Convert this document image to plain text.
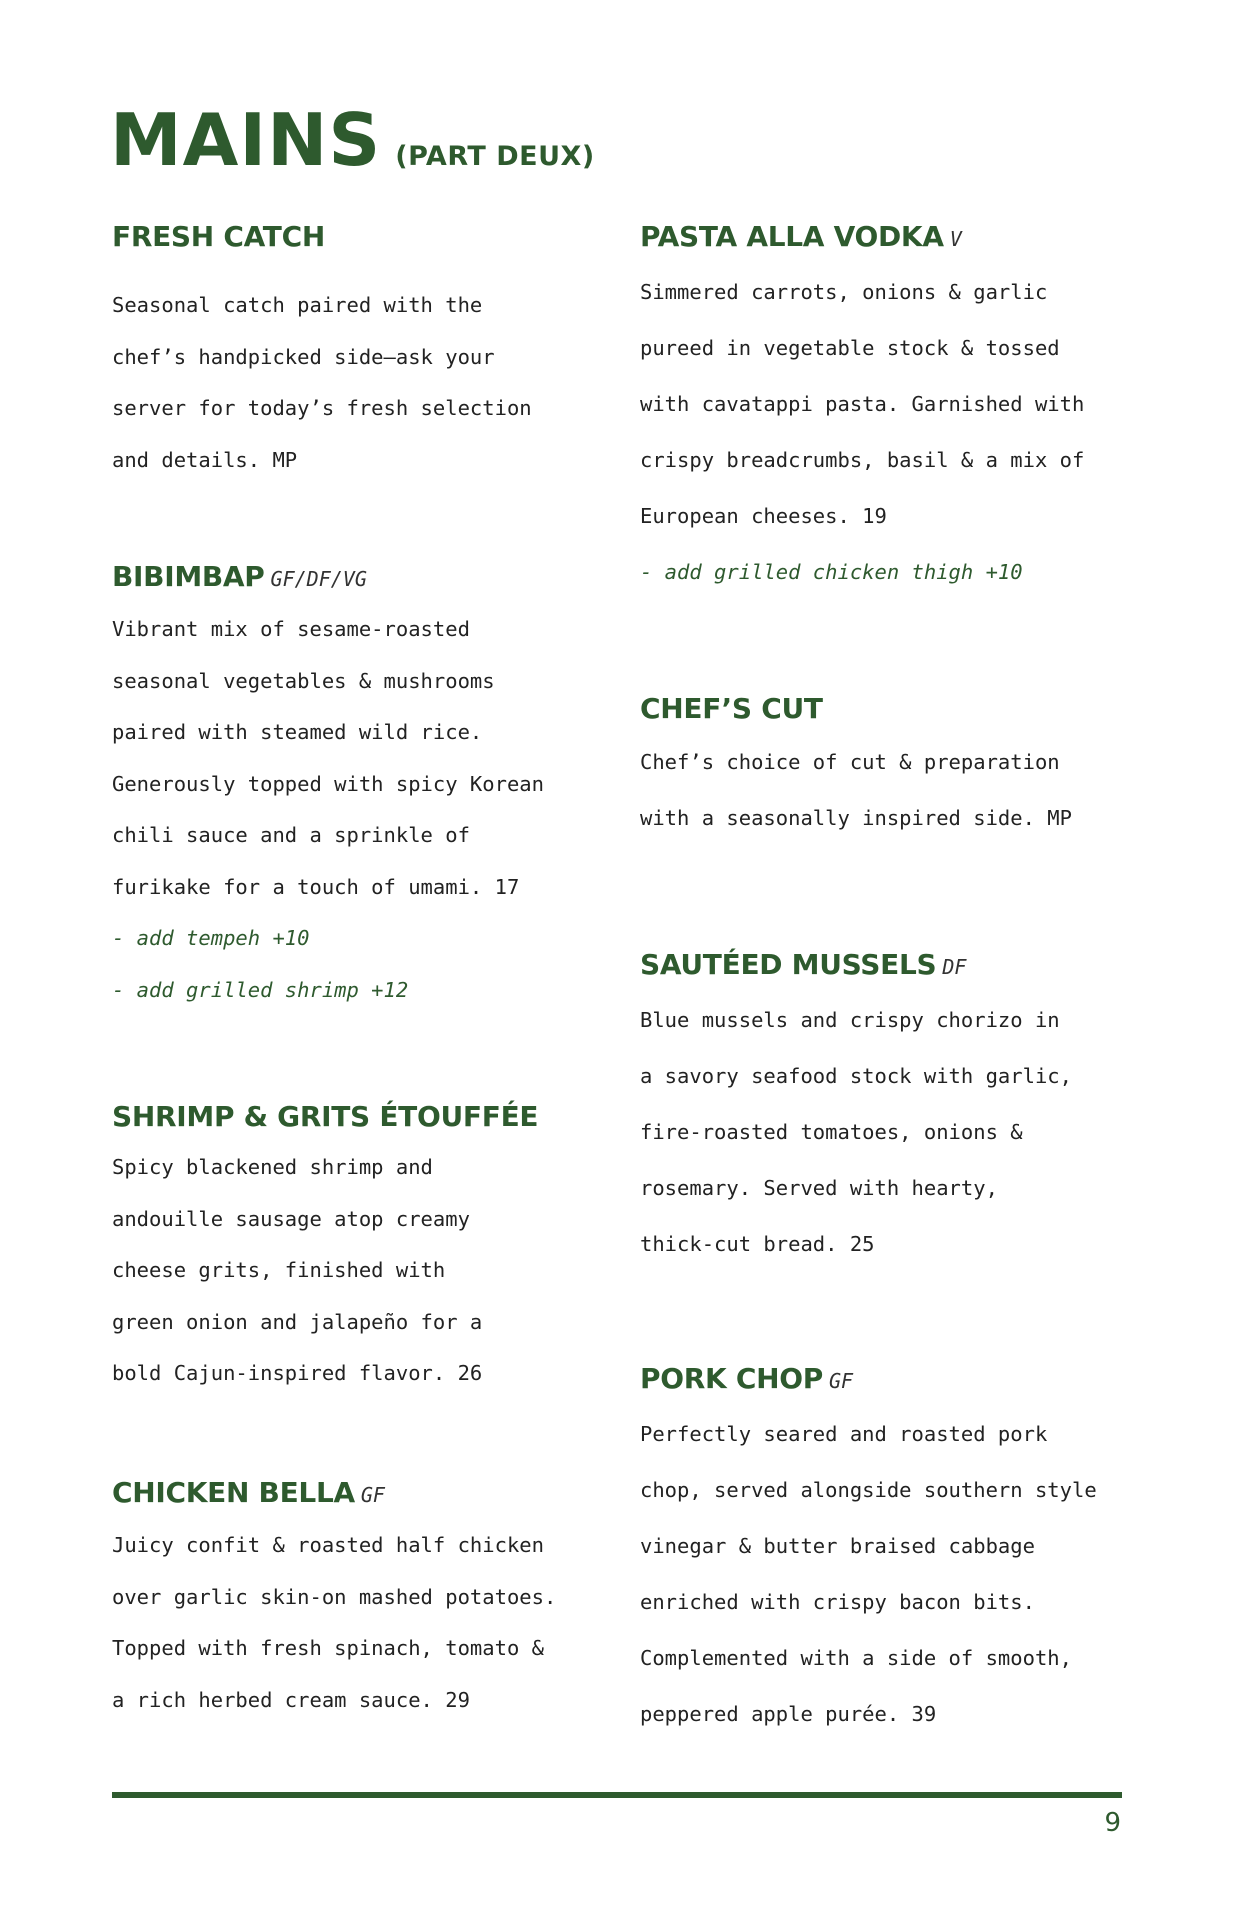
MAINS (PART DEUX)
FRESH CATCH
Seasonal catch paired with the
chef’s handpicked side—ask your
server for today’s fresh selection
and details. MP
BIBIMBAP GF/DF/VG
Vibrant mix of sesame-roasted
seasonal vegetables & mushrooms
paired with steamed wild rice.
Generously topped with spicy Korean
chili sauce and a sprinkle of
furikake for a touch of umami. 17
- add tempeh +10
- add grilled shrimp +12
SHRIMP & GRITS ÉTOUFFÉE
Spicy blackened shrimp and
andouille sausage atop creamy
cheese grits, finished with
green onion and jalapeño for a
bold Cajun-inspired flavor. 26
CHICKEN BELLA GF
Juicy confit & roasted half chicken
over garlic skin-on mashed potatoes.
Topped with fresh spinach, tomato &
a rich herbed cream sauce. 29
PASTA ALLA VODKA V
Simmered carrots, onions & garlic
pureed in vegetable stock & tossed
with cavatappi pasta. Garnished with
crispy breadcrumbs, basil & a mix of
European cheeses. 19
- add grilled chicken thigh +10
CHEF’S CUT
Chef’s choice of cut & preparation
with a seasonally inspired side. MP
SAUTÉED MUSSELS DF
Blue mussels and crispy chorizo in
a savory seafood stock with garlic,
fire-roasted tomatoes, onions &
rosemary. Served with hearty,
thick-cut bread. 25
PORK CHOP GF
Perfectly seared and roasted pork
chop, served alongside southern style
vinegar & butter braised cabbage
enriched with crispy bacon bits.
Complemented with a side of smooth,
peppered apple purée. 39
9
